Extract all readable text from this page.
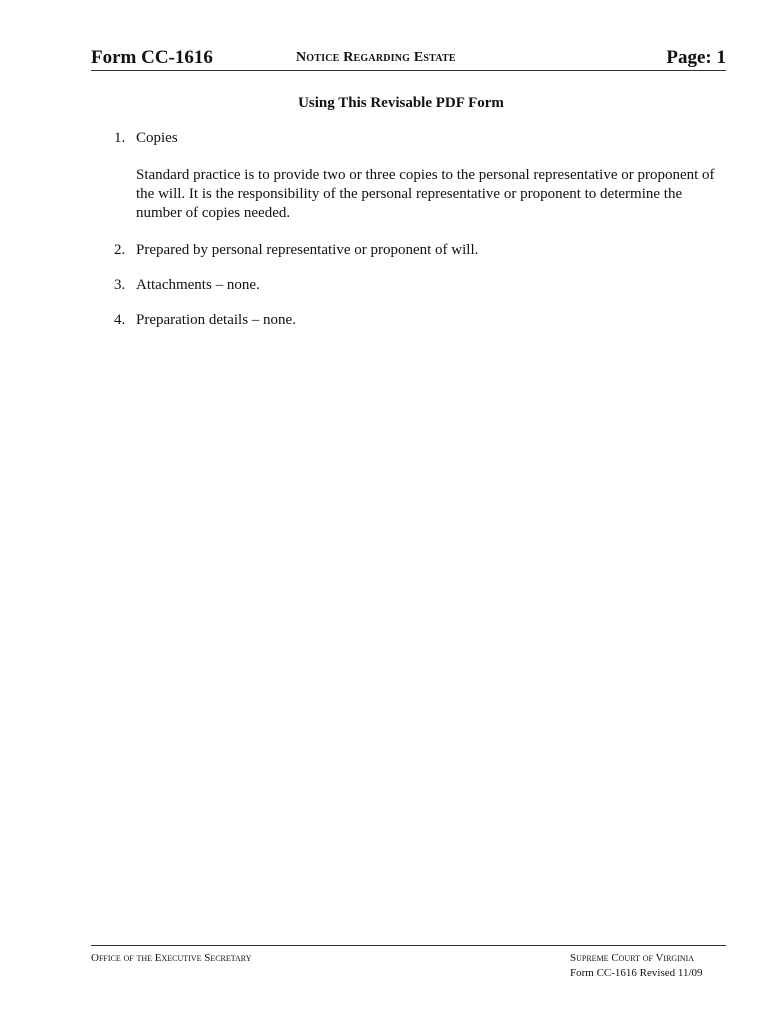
Form CC-1616	Notice Regarding Estate	Page: 1
Using This Revisable PDF Form
1. Copies
Standard practice is to provide two or three copies to the personal representative or proponent of the will. It is the responsibility of the personal representative or proponent to determine the number of copies needed.
2. Prepared by personal representative or proponent of will.
3. Attachments – none.
4. Preparation details – none.
Office of the Executive Secretary	Supreme Court of Virginia
Form CC-1616 Revised 11/09
